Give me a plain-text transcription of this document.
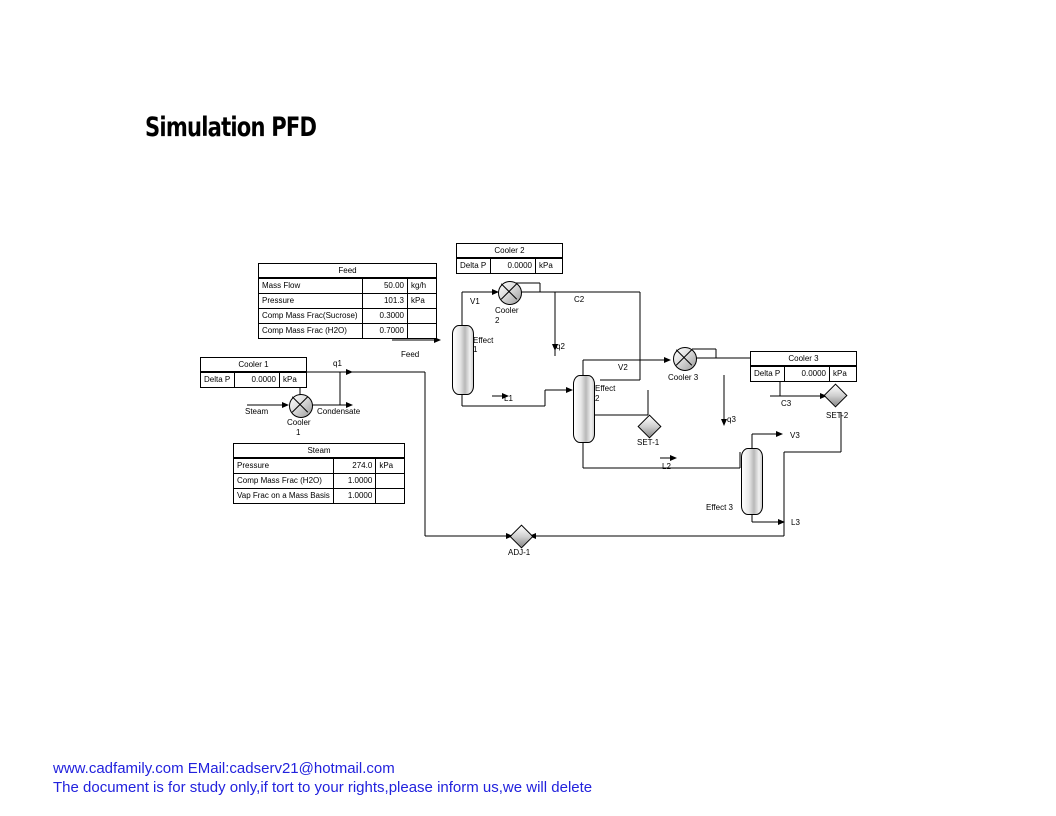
Simulation PFD
Feed
Mass Flow	50.00	kg/h
Pressure	101.3	kPa
Comp Mass Frac(Sucrose)	0.3000	
Comp Mass Frac (H2O)	0.7000	
Steam
Pressure	274.0	kPa
Comp Mass Frac (H2O)	1.0000	
Vap Frac on a Mass Basis	1.0000	
Cooler 1
Delta P	0.0000	kPa
Cooler 2
Delta P	0.0000	kPa
Cooler 3
Delta P	0.0000	kPa
Steam	Condensate
Cooler
1
q1
Feed
Effect
1
V1
Cooler
2
C2
q2
L1
Effect
2
V2
Cooler 3
C3
SET-2
SET-1
q3
V3
L2
Effect 3
L3
ADJ-1
www.cadfamily.com EMail:cadserv21@hotmail.com
The document is for study only,if tort to your rights,please inform us,we will delete
